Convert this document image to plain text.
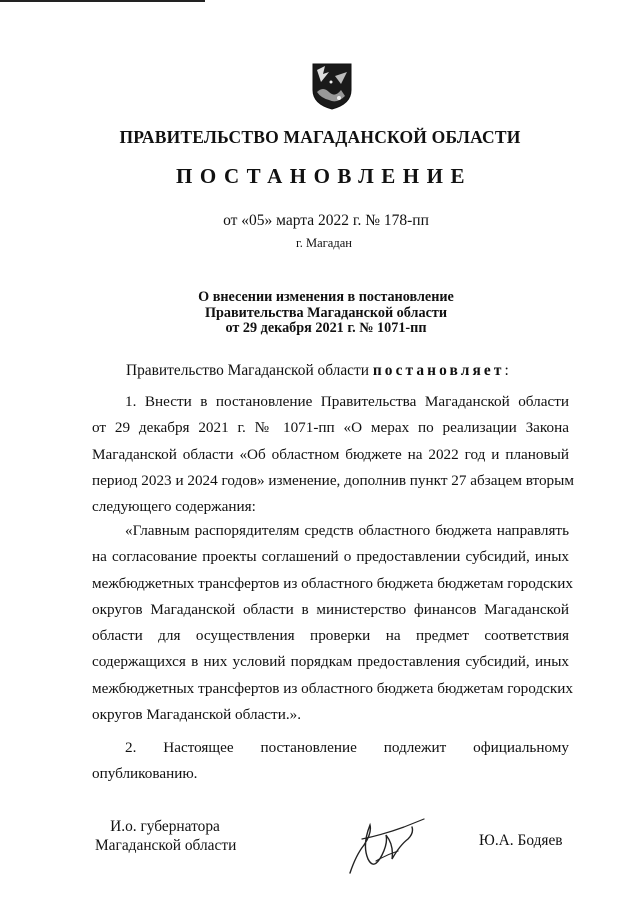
ПРАВИТЕЛЬСТВО МАГАДАНСКОЙ ОБЛАСТИ
ПОСТАНОВЛЕНИЕ
от «05» марта 2022 г. № 178-пп
г. Магадан
О внесении изменения в постановление
Правительства Магаданской области
от 29 декабря 2021 г. № 1071-пп
Правительство Магаданской области постановляет:
1. Внести в постановление Правительства Магаданской области
от 29 декабря 2021 г. № 1071-пп «О мерах по реализации Закона
Магаданской области «Об областном бюджете на 2022 год и плановый
период 2023 и 2024 годов» изменение, дополнив пункт 27 абзацем вторым
следующего содержания:
«Главным распорядителям средств областного бюджета направлять
на согласование проекты соглашений о предоставлении субсидий, иных
межбюджетных трансфертов из областного бюджета бюджетам городских
округов Магаданской области в министерство финансов Магаданской
области для осуществления проверки на предмет соответствия
содержащихся в них условий порядкам предоставления субсидий, иных
межбюджетных трансфертов из областного бюджета бюджетам городских
округов Магаданской области.».
2. Настоящее постановление подлежит официальному
опубликованию.
И.о. губернатора
Магаданской области	Ю.А. Бодяев
